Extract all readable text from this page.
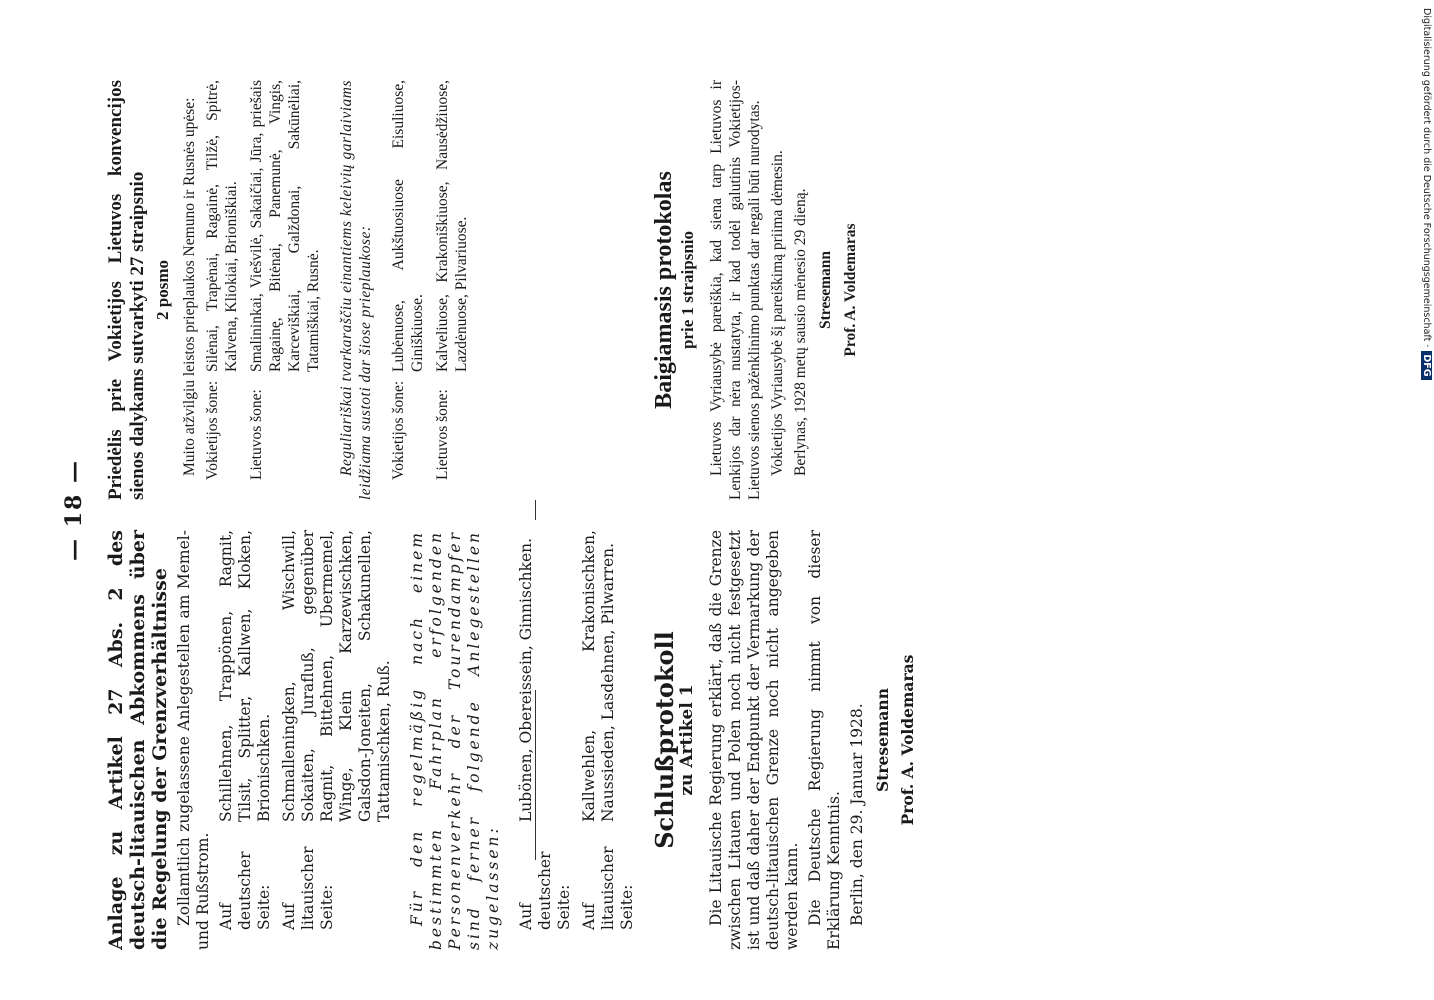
— 18 —

Anlage zu Artikel 27 Abs. 2 des deutsch-litauischen Abkommens über die Regelung der Grenzverhältnisse Zollamtlich zugelassene Anlegestellen am Memel- und Rußstrom. Auf deutscher Seite:
Schillehnen, Trappönen, Ragnit, Tilsit, Splitter, Kallwen, Kloken, Brionischken.
Auf litauischer Seite:
Schmalleningken, Wischwill, Sokaiten, Jurafluß, gegenüber Ragnit, Bittehnen, Ubermemel, Winge, Klein Karzewischken, Galsdon-Joneiten, Schakunellen, Tattamischken, Ruß. Für den regelmäßig nach einem bestimmten Fahrplan erfolgenden Personenverkehr der Tourendampfer sind ferner folgende Anlegestellen zugelassen: Auf deutscher Seite:
Lubönen, Obereissein, Ginnischken.
Auf litauischer Seite:
Kallwehlen, Krakonischken, Naussieden, Lasdehnen, Pilwarren.

Priedėlis prie Vokietijos Lietuvos konvencijos sienos dalykams sutvarkyti 27 straipsnio 2 posmo Muito atžvilgiu leistos prieplaukos Nemuno ir Rusnės upėse: Vokietijos šone:
Silėnai, Trapėnai, Ragainė, Tilžė, Spitrė, Kalvena, Kliokiai, Brioniškiai.
Lietuvos šone:
Smalininkai, Viešvilė, Sakaičiai, Jūra, priešais Ragainę, Bitėnai, Panemunė, Vingis, Karceviškiai, Galždonai, Sakūnėliai, Tatamiškiai, Rusnė. Reguliariškai tvarkaraščiu einantiems keleivių garlaiviams leidžiama sustoti dar šiose prieplaukose: Vokietijos šone:
Lubėnuose, Aukštuosiuose Eisuliuose, Giniškiuose.
Lietuvos šone:
Kalveliuose, Krakoniškiuose, Nausėdžiuose, Lazdėnuose, Pilvariuose.

Schlußprotokoll

zu Artikel 1 Die Litauische Regierung erklärt, daß die Grenze zwischen Litauen und Polen noch nicht festgesetzt ist und daß daher der Endpunkt der Vermarkung der deutsch-litauischen Grenze noch nicht angegeben werden kann. Die Deutsche Regierung nimmt von dieser Erklärung Kenntnis. Berlin, den 29. Januar 1928. Stresemann Prof. A. Voldemaras

Baigiamasis protokolas prie 1 straipsnio Lietuvos Vyriausybė pareiškia, kad siena tarp Lietuvos ir Lenkijos dar nėra nustatyta, ir kad todėl galutinis Vokietijos-Lietuvos sienos pažėnklinimo punktas dar negali būti nurodytas. Vokietijos Vyriausybė šį pareiškimą priima dėmesin. Berlynas, 1928 metų sausio mėnesio 29 dieną. Stresemann Prof. A. Voldemaras	Digitalisierung gefördert durch die Deutsche Forschungsgemeinschaft ·DFG
